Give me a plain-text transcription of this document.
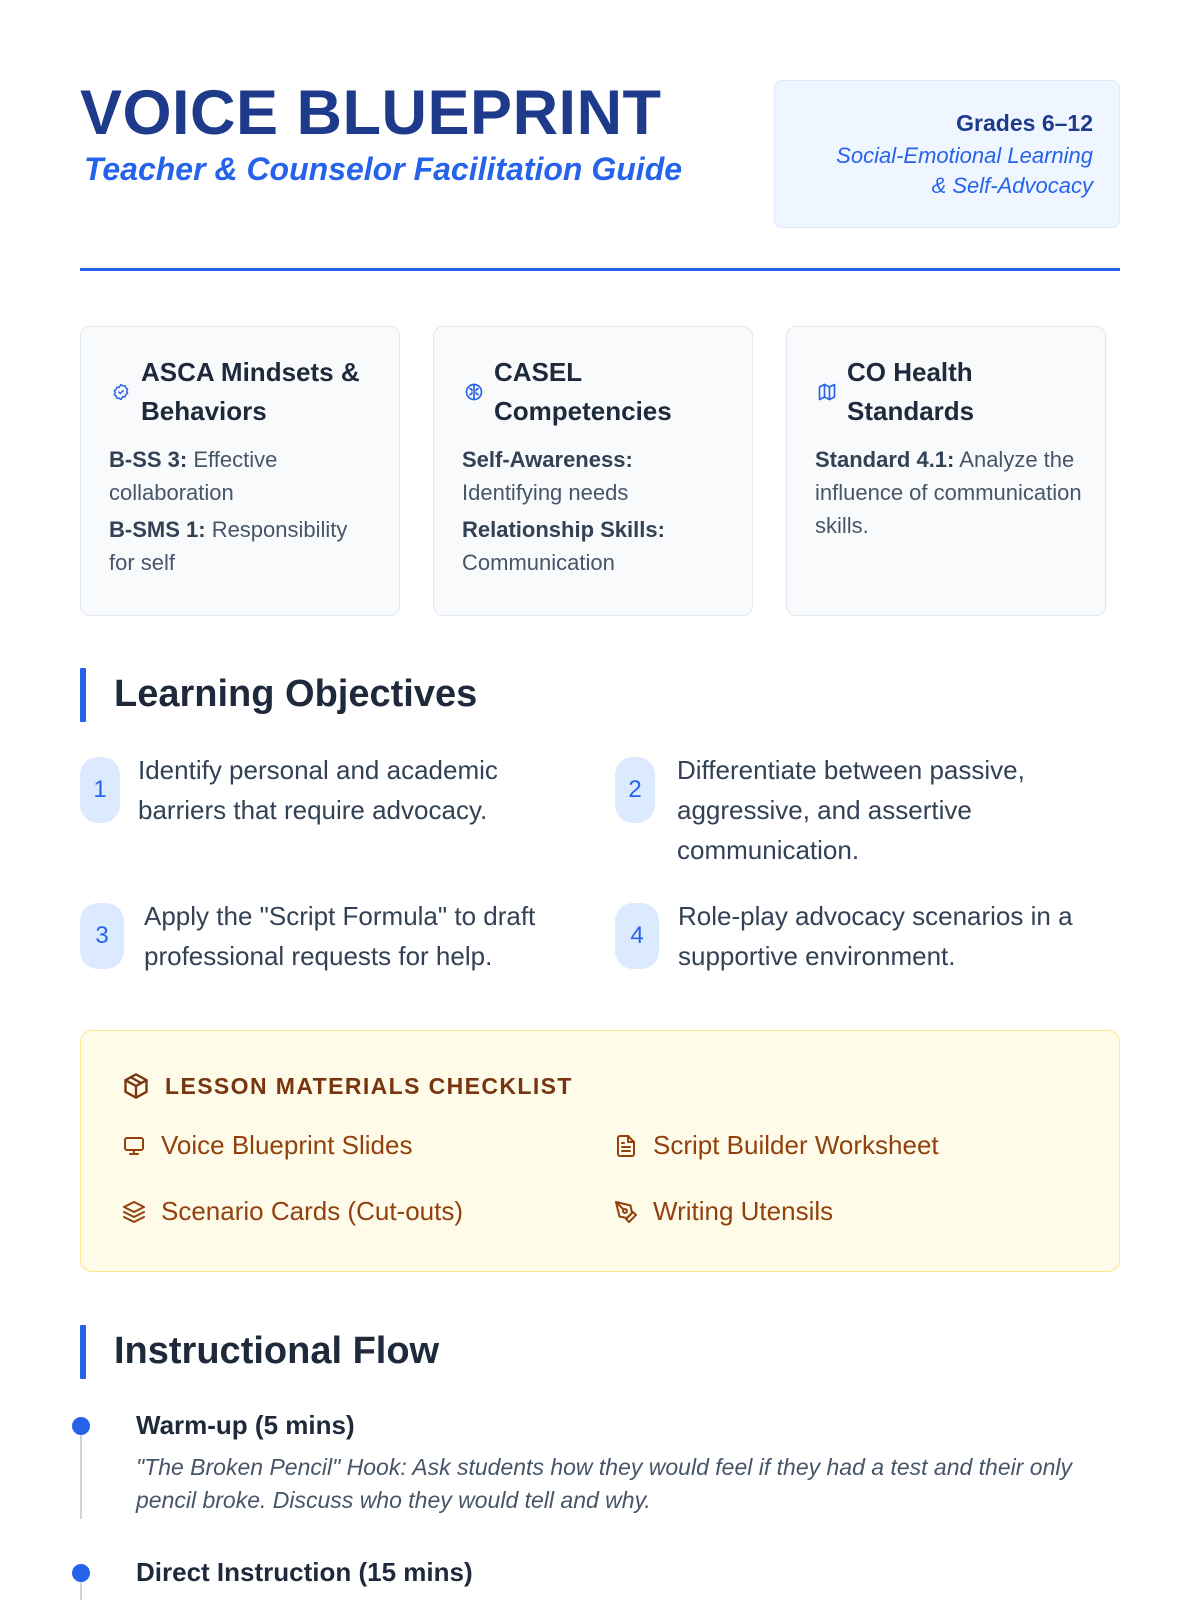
VOICE BLUEPRINT
Teacher & Counselor Facilitation Guide
Grades 6–12
Social-Emotional Learning
& Self-Advocacy
ASCA Mindsets & Behaviors
B-SS 3: Effective collaboration
B-SMS 1: Responsibility for self
CASEL Competencies
Self-Awareness: Identifying needs
Relationship Skills: Communication
CO Health Standards
Standard 4.1: Analyze the influence of communication skills.
Learning Objectives
1
Identify personal and academic barriers that require advocacy.
2
Differentiate between passive, aggressive, and assertive communication.
3
Apply the "Script Formula" to draft professional requests for help.
4
Role-play advocacy scenarios in a supportive environment.
LESSON MATERIALS CHECKLIST
Voice Blueprint Slides	Script Builder Worksheet
Scenario Cards (Cut-outs)	Writing Utensils
Instructional Flow
Warm-up (5 mins)
"The Broken Pencil" Hook: Ask students how they would feel if they had a test and their only pencil broke. Discuss who they would tell and why.
Direct Instruction (15 mins)
